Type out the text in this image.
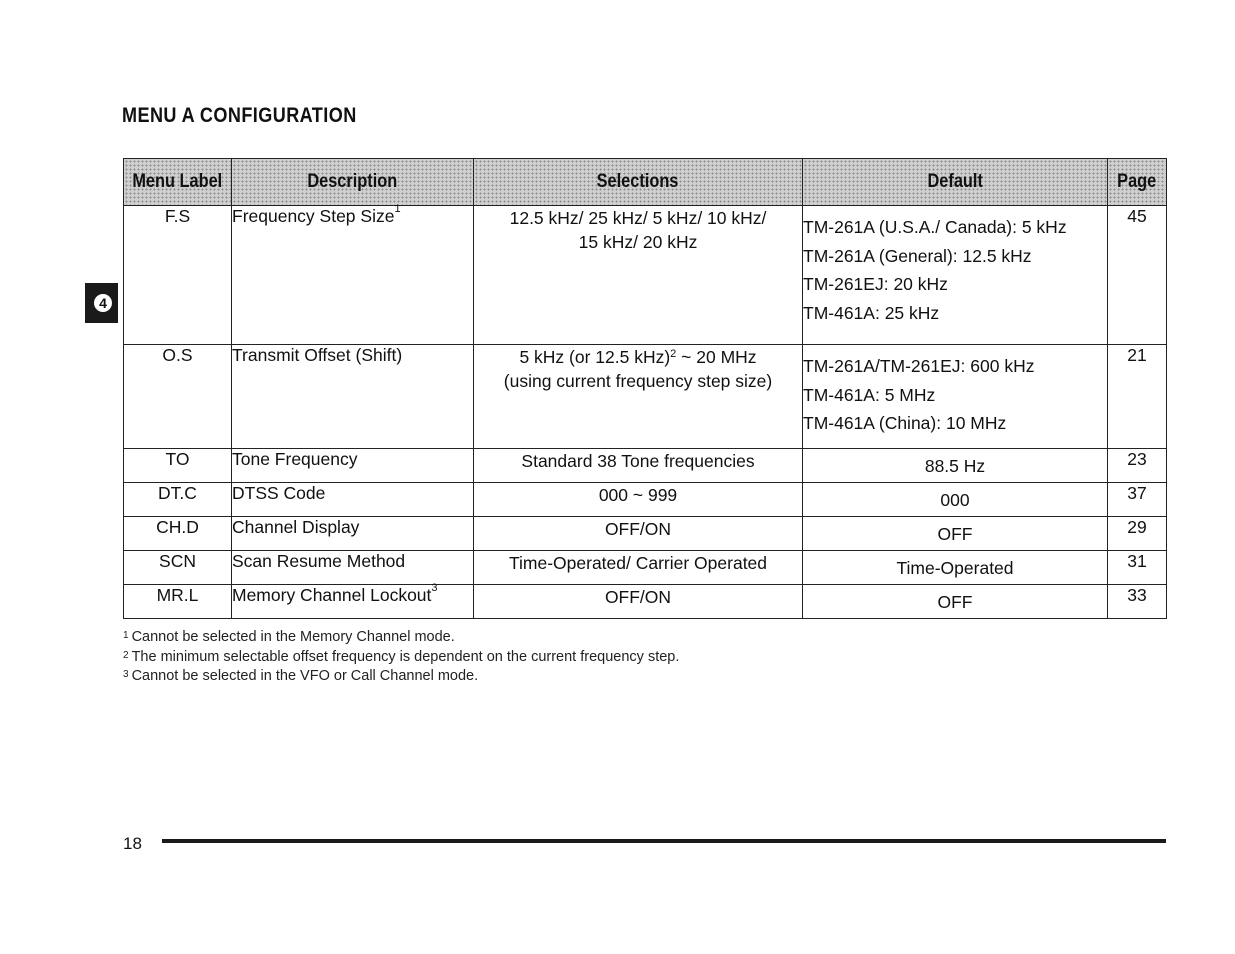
MENU A CONFIGURATION
4
Menu Label	Description	Selections	Default	Page
F.S	Frequency Step Size$^1$	12.5 kHz/ 25 kHz/ 5 kHz/ 10 kHz/
15 kHz/ 20 kHz	TM-261A (U.S.A./ Canada): 5 kHz
TM-261A (General): 12.5 kHz
TM-261EJ: 20 kHz
TM-461A: 25 kHz	45
O.S	Transmit Offset (Shift)	5 kHz (or 12.5 kHz)$^2$ ~ 20 MHz
(using current frequency step size)	TM-261A/TM-261EJ: 600 kHz
TM-461A: 5 MHz
TM-461A (China): 10 MHz	21
TO	Tone Frequency	Standard 38 Tone frequencies	88.5 Hz	23
DT.C	DTSS Code	000 ~ 999	000	37
CH.D	Channel Display	OFF/ON	OFF	29
SCN	Scan Resume Method	Time-Operated/ Carrier Operated	Time-Operated	31
MR.L	Memory Channel Lockout$^3$	OFF/ON	OFF	33
$^1$ Cannot be selected in the Memory Channel mode.
$^2$ The minimum selectable offset frequency is dependent on the current frequency step.
$^3$ Cannot be selected in the VFO or Call Channel mode.
18
